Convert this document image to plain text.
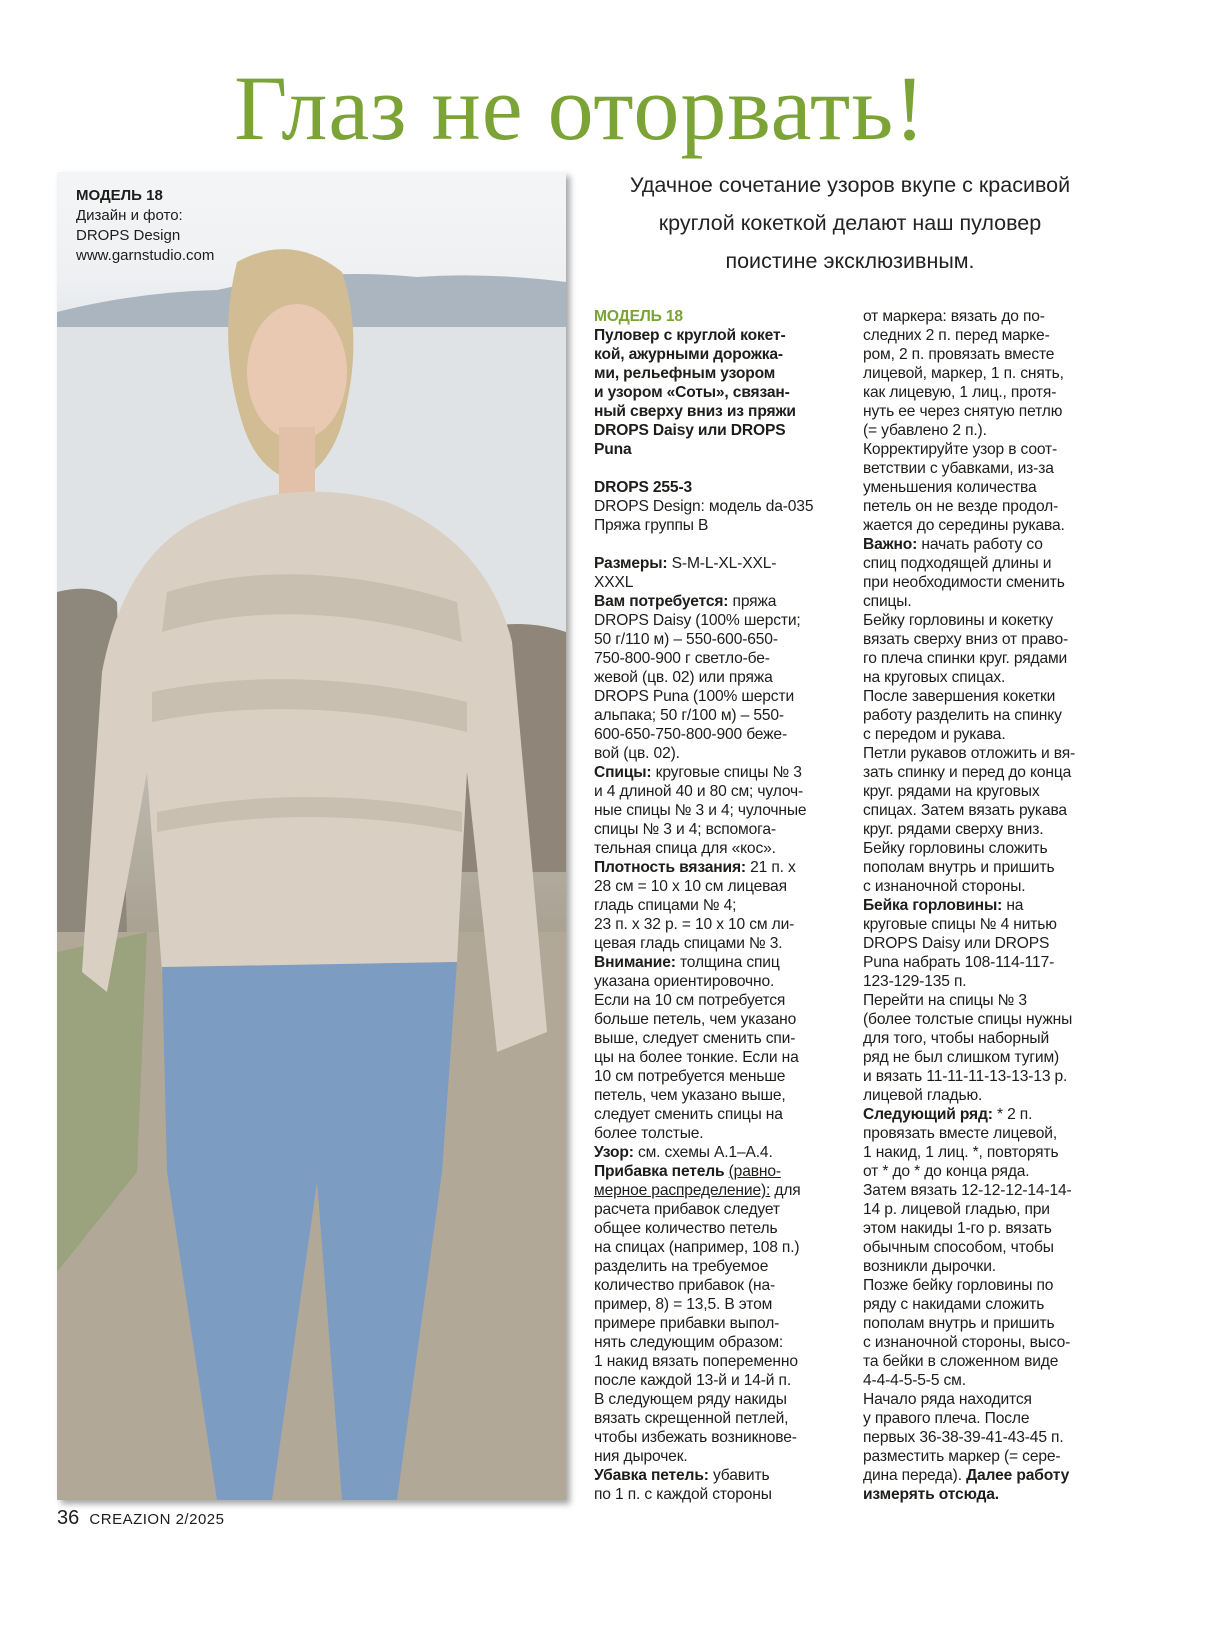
Глаз не оторвать!
Удачное сочетание узоров вкупе с красивой
круглой кокеткой делают наш пуловер
поистине эксклюзивным.
МОДЕЛЬ 18
Дизайн и фото:
DROPS Design
www.garnstudio.com
МОДЕЛЬ 18
Пуловер с круглой кокет-
кой, ажурными дорожка-
ми, рельефным узором
и узором «Соты», связан-
ный сверху вниз из пряжи
DROPS Daisy или DROPS
Puna
DROPS 255-3
DROPS Design: модель da-035
Пряжа группы B
Размеры: S-M-L-XL-XXL-
XXXL
Вам потребуется: пряжа
DROPS Daisy (100% шерсти;
50 г/110 м) – 550-600-650-
750-800-900 г светло-бе-
жевой (цв. 02) или пряжа
DROPS Puna (100% шерсти
альпака; 50 г/100 м) – 550-
600-650-750-800-900 беже-
вой (цв. 02).
Спицы: круговые спицы № 3
и 4 длиной 40 и 80 см; чулоч-
ные спицы № 3 и 4; чулочные
спицы № 3 и 4; вспомога-
тельная спица для «кос».
Плотность вязания: 21 п. х
28 см = 10 х 10 см лицевая
гладь спицами № 4;
23 п. х 32 р. = 10 х 10 см ли-
цевая гладь спицами № 3.
Внимание: толщина спиц
указана ориентировочно.
Если на 10 см потребуется
больше петель, чем указано
выше, следует сменить спи-
цы на более тонкие. Если на
10 см потребуется меньше
петель, чем указано выше,
следует сменить спицы на
более толстые.
Узор: см. схемы А.1–А.4.
Прибавка петель (равно-
мерное распределение): для
расчета прибавок следует
общее количество петель
на спицах (например, 108 п.)
разделить на требуемое
количество прибавок (на-
пример, 8) = 13,5. В этом
примере прибавки выпол-
нять следующим образом:
1 накид вязать попеременно
после каждой 13-й и 14-й п.
В следующем ряду накиды
вязать скрещенной петлей,
чтобы избежать возникнове-
ния дырочек.
Убавка петель: убавить
по 1 п. с каждой стороны
от маркера: вязать до по-
следних 2 п. перед марке-
ром, 2 п. провязать вместе
лицевой, маркер, 1 п. снять,
как лицевую, 1 лиц., протя-
нуть ее через снятую петлю
(= убавлено 2 п.).
Корректируйте узор в соот-
ветствии с убавками, из-за
уменьшения количества
петель он не везде продол-
жается до середины рукава.
Важно: начать работу со
спиц подходящей длины и
при необходимости сменить
спицы.
Бейку горловины и кокетку
вязать сверху вниз от право-
го плеча спинки круг. рядами
на круговых спицах.
После завершения кокетки
работу разделить на спинку
с передом и рукава.
Петли рукавов отложить и вя-
зать спинку и перед до конца
круг. рядами на круговых
спицах. Затем вязать рукава
круг. рядами сверху вниз.
Бейку горловины сложить
пополам внутрь и пришить
с изнаночной стороны.
Бейка горловины: на
круговые спицы № 4 нитью
DROPS Daisy или DROPS
Puna набрать 108-114-117-
123-129-135 п.
Перейти на спицы № 3
(более толстые спицы нужны
для того, чтобы наборный
ряд не был слишком тугим)
и вязать 11-11-11-13-13-13 р.
лицевой гладью.
Следующий ряд: * 2 п.
провязать вместе лицевой,
1 накид, 1 лиц. *, повторять
от * до * до конца ряда.
Затем вязать 12-12-12-14-14-
14 р. лицевой гладью, при
этом накиды 1-го р. вязать
обычным способом, чтобы
возникли дырочки.
Позже бейку горловины по
ряду с накидами сложить
пополам внутрь и пришить
с изнаночной стороны, высо-
та бейки в сложенном виде
4-4-4-5-5-5 см.
Начало ряда находится
у правого плеча. После
первых 36-38-39-41-43-45 п.
разместить маркер (= сере-
дина переда). Далее работу
измерять отсюда.
36 CREAZION 2/2025
